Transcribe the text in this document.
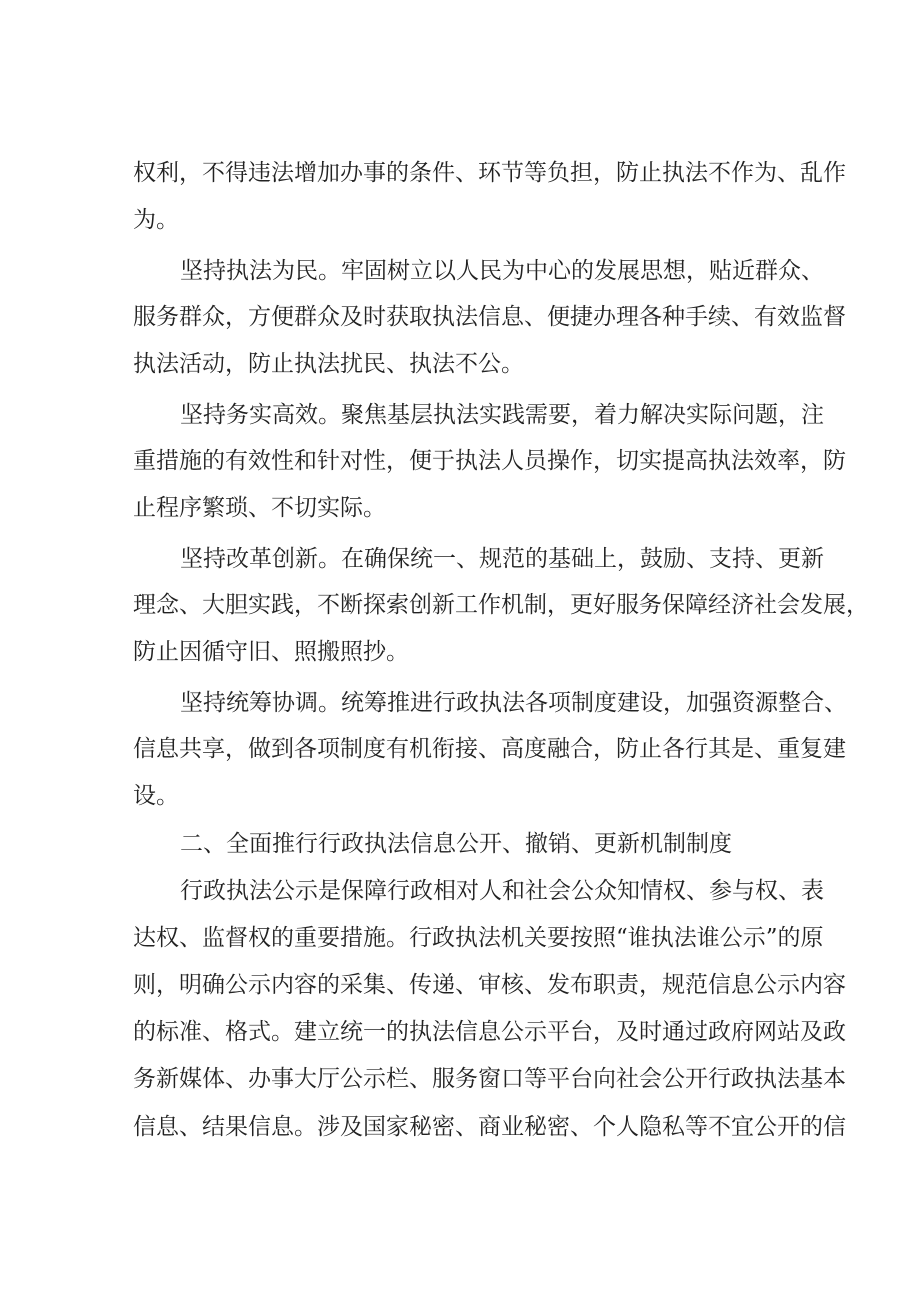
权利，不得违法增加办事的条件、环节等负担，防止执法不作为、乱作
为。
坚持执法为民。牢固树立以人民为中心的发展思想，贴近群众、
服务群众，方便群众及时获取执法信息、便捷办理各种手续、有效监督
执法活动，防止执法扰民、执法不公。
坚持务实高效。聚焦基层执法实践需要，着力解决实际问题，注
重措施的有效性和针对性，便于执法人员操作，切实提高执法效率，防
止程序繁琐、不切实际。
坚持改革创新。在确保统一、规范的基础上，鼓励、支持、更新
理念、大胆实践，不断探索创新工作机制，更好服务保障经济社会发展，
防止因循守旧、照搬照抄。
坚持统筹协调。统筹推进行政执法各项制度建设，加强资源整合、
信息共享，做到各项制度有机衔接、高度融合，防止各行其是、重复建
设。
二、全面推行行政执法信息公开、撤销、更新机制制度
行政执法公示是保障行政相对人和社会公众知情权、参与权、表
达权、监督权的重要措施。行政执法机关要按照“谁执法谁公示”的原
则，明确公示内容的采集、传递、审核、发布职责，规范信息公示内容
的标准、格式。建立统一的执法信息公示平台，及时通过政府网站及政
务新媒体、办事大厅公示栏、服务窗口等平台向社会公开行政执法基本
信息、结果信息。涉及国家秘密、商业秘密、个人隐私等不宜公开的信
